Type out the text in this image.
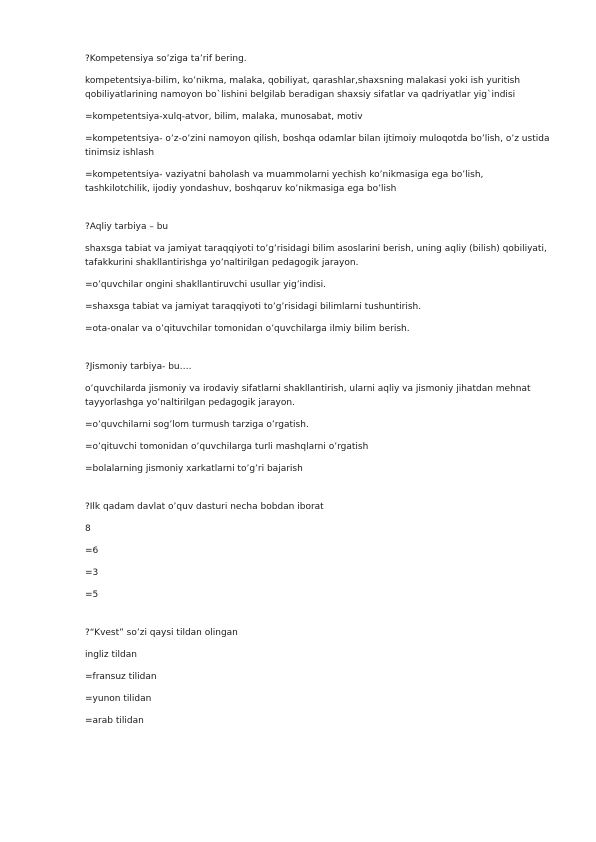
?Kompetensiya so’ziga ta’rif bering.
kompetentsiya-bilim, ko’nikma, malaka, qobiliyat, qarashlar,shaxsning malakasi yoki ish yuritish qobiliyatlarining namoyon bo`lishini belgilab beradigan shaxsiy sifatlar va qadriyatlar yig`indisi
=kompetentsiya-xulq-atvor, bilim, malaka, munosabat, motiv
=kompetentsiya- o’z-o’zini namoyon qilish, boshqa odamlar bilan ijtimoiy muloqotda bo’lish, o’z ustida tinimsiz ishlash
=kompetentsiya- vaziyatni baholash va muammolarni yechish ko’nikmasiga ega bo’lish, tashkilotchilik, ijodiy yondashuv, boshqaruv ko’nikmasiga ega bo’lish
?Aqliy tarbiya – bu
shaxsga tabiat va jamiyat taraqqiyoti to’g’risidagi bilim asoslarini berish, uning aqliy (bilish) qobiliyati, tafakkurini shakllantirishga yo’naltirilgan pedagogik jarayon.
=o’quvchilar ongini shakllantiruvchi usullar yig’indisi.
=shaxsga tabiat va jamiyat taraqqiyoti to’g’risidagi bilimlarni tushuntirish.
=ota-onalar va o’qituvchilar tomonidan o’quvchilarga ilmiy bilim berish.
?Jismoniy tarbiya- bu….
o’quvchilarda jismoniy va irodaviy sifatlarni shakllantirish, ularni aqliy va jismoniy jihatdan mehnat tayyorlashga yo’naltirilgan pedagogik jarayon.
=o’quvchilarni sog’lom turmush tarziga o’rgatish.
=o’qituvchi tomonidan o’quvchilarga turli mashqlarni o’rgatish
=bolalarning jismoniy xarkatlarni to’g’ri bajarish
?Ilk qadam davlat o’quv dasturi necha bobdan iborat
8
=6
=3
=5
?“Kvest” so’zi qaysi tildan olingan
ingliz tildan
=fransuz tilidan
=yunon tilidan
=arab tilidan
